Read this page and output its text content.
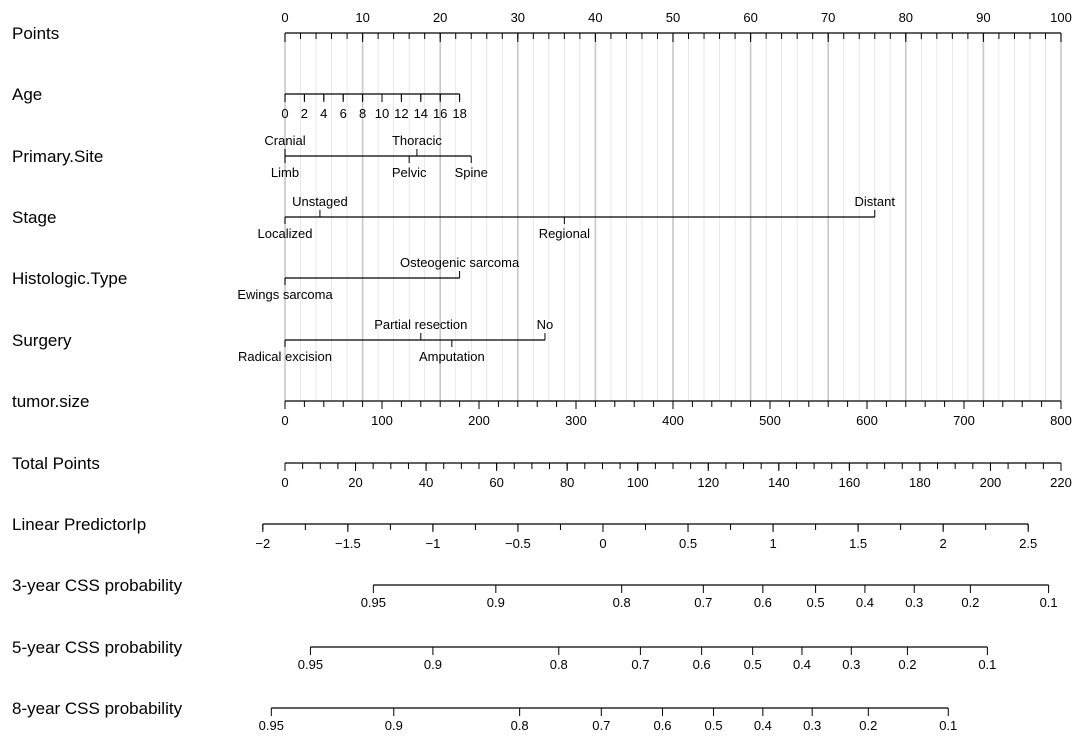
Points
Age
Primary.Site
Stage
Histologic.Type
Surgery
tumor.size
Total Points
Linear PredictorIp
3-year CSS probability
5-year CSS probability
8-year CSS probability
0	10	20	30	40	50	60	70	80	90	100
0 2 4 6 8 10 12 14 16 18
Cranial
Limb
Thoracic
Pelvic Spine
Unstaged
Localized
Distant
Regional
Osteogenic sarcoma
Ewings sarcoma
Partial resection	No
Radical excision	Amputation
0	100	200	300	400	500	600	700	800
0	20	40	60	80	100	120	140	160	180	200	220
−2	−1.5	−1	−0.5	0	0.5	1	1.5	2	2.5
0.95	0.9	0.8	0.7	0.6	0.5 0.4 0.3	0.2	0.1
0.95	0.9	0.8	0.7	0.6	0.5 0.4 0.3	0.2	0.1
0.95	0.9	0.8	0.7	0.6	0.5 0.4 0.3	0.2	0.1
